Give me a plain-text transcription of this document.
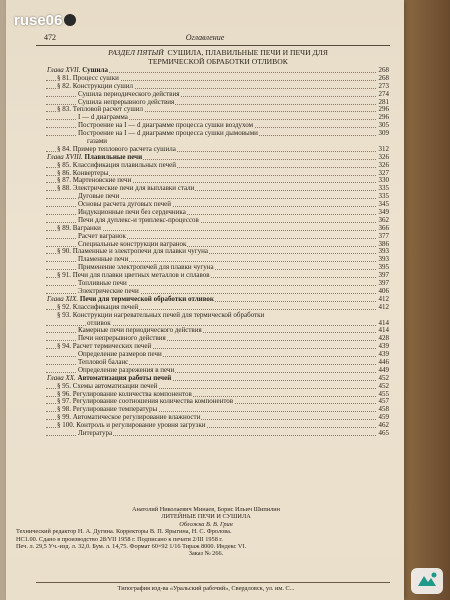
ruse06
472	Оглавление
РАЗДЕЛ ПЯТЫЙ СУШИЛА, ПЛАВИЛЬНЫЕ ПЕЧИ И ПЕЧИ ДЛЯ
ТЕРМИЧЕСКОЙ ОБРАБОТКИ ОТЛИВОК
Глава XVII. Сушила	268
§ 81. Процесс сушки	268
§ 82. Конструкции сушил	273
Сушила периодического действия	274
Сушила непрерывного действия	281
§ 83. Тепловой расчет сушил	296
I — d диаграмма	296
Построение на I — d диаграмме процесса сушки воздухом	305
Построение на I — d диаграмме процесса сушки дымовыми	309
газами
§ 84. Пример теплового расчета сушила	312
Глава XVIII. Плавильные печи	326
§ 85. Классификация плавильных печей	326
§ 86. Конвертеры	327
§ 87. Мартеновские печи	330
§ 88. Электрические печи для выплавки стали	335
Дуговые печи	335
Основы расчета дуговых печей	345
Индукционные печи без сердечника	349
Печи для дуплекс-и триплекс-процессов	362
§ 89. Вагранки	366
Расчет вагранок	377
Специальные конструкции вагранок	386
§ 90. Пламенные и электропечи для плавки чугуна	393
Пламенные печи	393
Применение электропечей для плавки чугуна	395
§ 91. Печи для плавки цветных металлов и сплавов	397
Топливные печи	397
Электрические печи	406
Глава XIX. Печи для термической обработки отливок	412
§ 92. Классификация печей	412
§ 93. Конструкции нагревательных печей для термической обработки
отливок	414
Камерные печи периодического действия	414
Печи непрерывного действия	428
§ 94. Расчет термических печей	439
Определение размеров печи	439
Тепловой баланс	446
Определение разрежения в печи	449
Глава XX. Автоматизация работы печей	452
§ 95. Схемы автоматизации печей	452
§ 96. Регулирование количества компонентов	455
§ 97. Регулирование соотношения количества компонентов	457
§ 98. Регулирование температуры	458
§ 99. Автоматическое регулирование влажности	459
§ 100. Контроль и регулирование уровня загрузки	462
Литература	465
Анатолий Николаевич Минаев, Борис Ильич Шипилин
ЛИТЕЙНЫЕ ПЕЧИ И СУШИЛА
Обложка В. В. Грин
Технический редактор Н. А. Дугина. Корректоры В. П. Ярыгина, Н. С. Фролова.
НС1.00. Сдано в производство 28/VII 1958 г. Подписано к печати 2/III 1958 г.
Печ. л. 29,5 Уч.-изд. л. 32,0. Бум. л. 14,75. Формат 60×92 1/16 Тираж 8000. Индекс VI.
Заказ № 266.
Типография изд-ва «Уральский рабочий», Свердловск, ул. им. С...
